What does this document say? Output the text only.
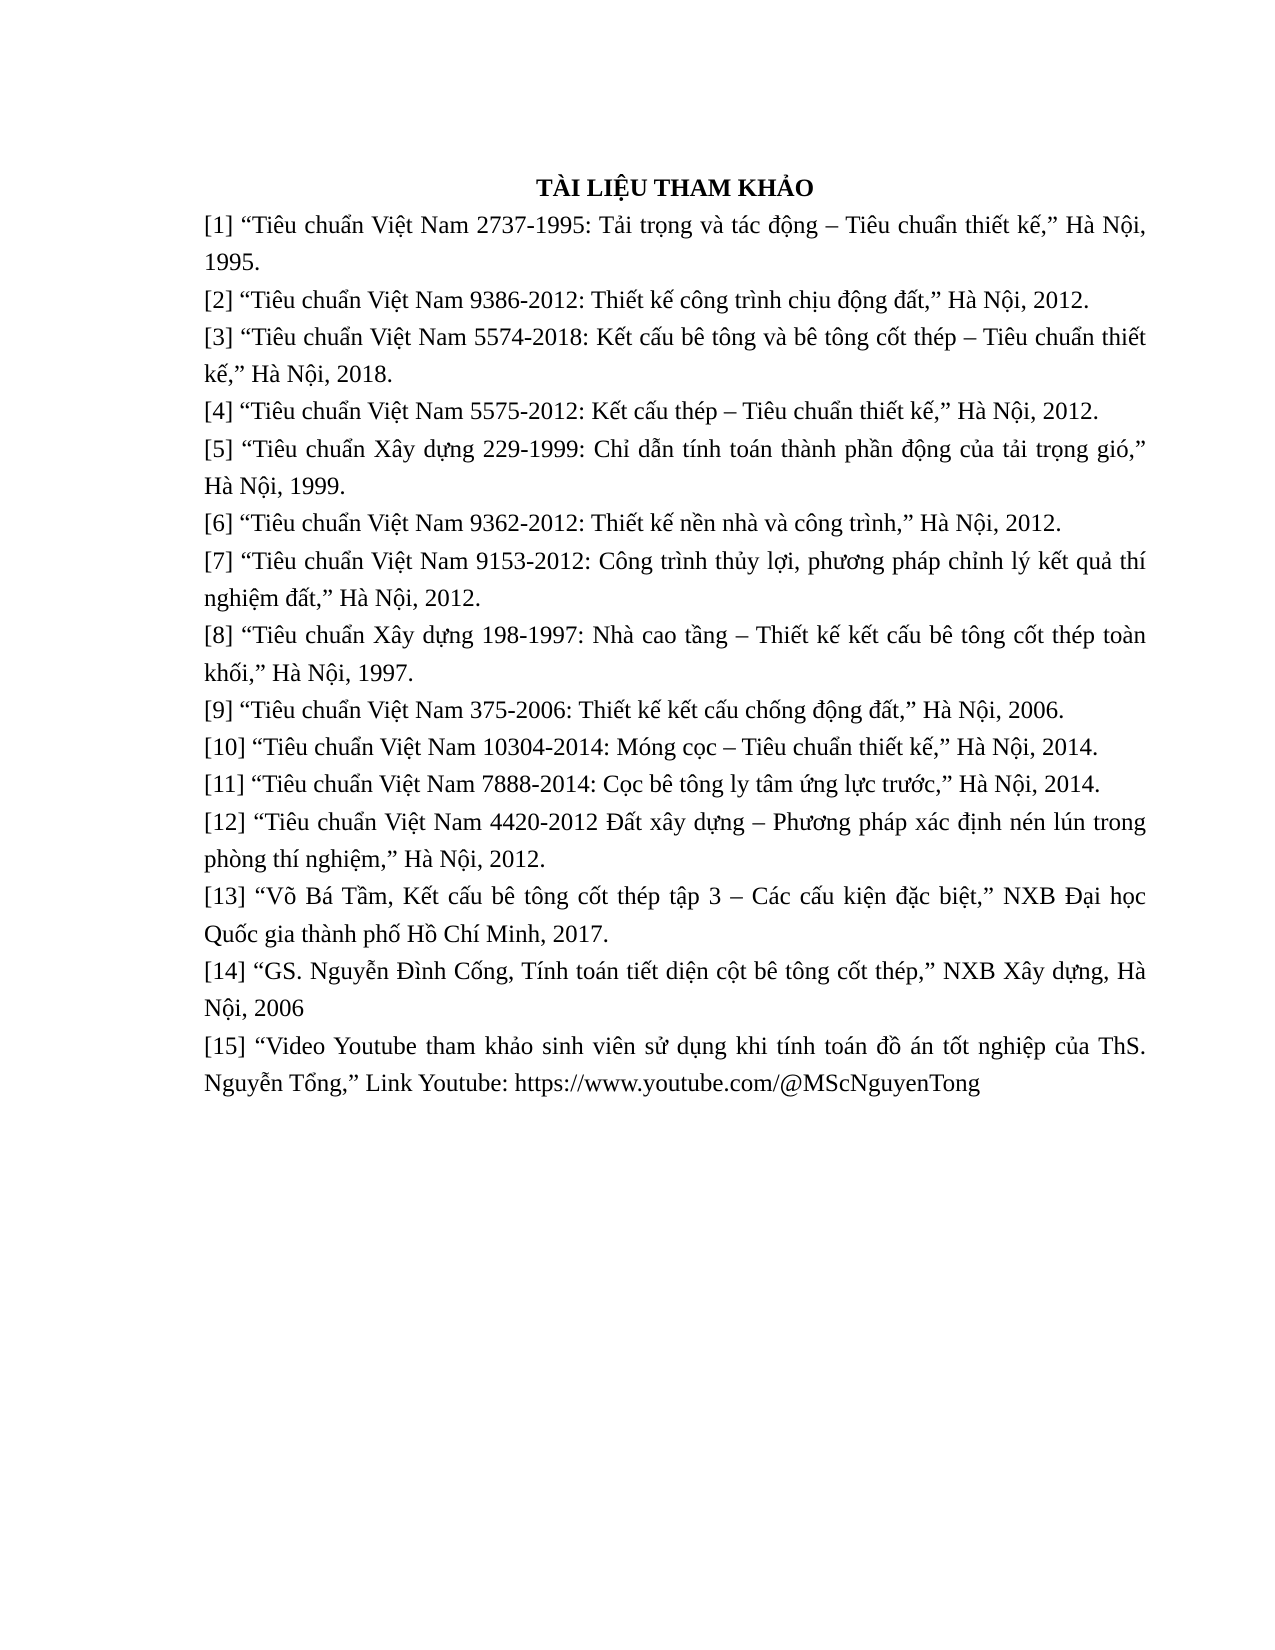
TÀI LIỆU THAM KHẢO
[1] “Tiêu chuẩn Việt Nam 2737-1995: Tải trọng và tác động – Tiêu chuẩn thiết kế,” Hà Nội, 1995.
[2] “Tiêu chuẩn Việt Nam 9386-2012: Thiết kế công trình chịu động đất,” Hà Nội, 2012.
[3] “Tiêu chuẩn Việt Nam 5574-2018: Kết cấu bê tông và bê tông cốt thép – Tiêu chuẩn thiết kế,” Hà Nội, 2018.
[4] “Tiêu chuẩn Việt Nam 5575-2012: Kết cấu thép – Tiêu chuẩn thiết kế,” Hà Nội, 2012.
[5] “Tiêu chuẩn Xây dựng 229-1999: Chỉ dẫn tính toán thành phần động của tải trọng gió,” Hà Nội, 1999.
[6] “Tiêu chuẩn Việt Nam 9362-2012: Thiết kế nền nhà và công trình,” Hà Nội, 2012.
[7] “Tiêu chuẩn Việt Nam 9153-2012: Công trình thủy lợi, phương pháp chỉnh lý kết quả thí nghiệm đất,” Hà Nội, 2012.
[8] “Tiêu chuẩn Xây dựng 198-1997: Nhà cao tầng – Thiết kế kết cấu bê tông cốt thép toàn khối,” Hà Nội, 1997.
[9] “Tiêu chuẩn Việt Nam 375-2006: Thiết kế kết cấu chống động đất,” Hà Nội, 2006.
[10] “Tiêu chuẩn Việt Nam 10304-2014: Móng cọc – Tiêu chuẩn thiết kế,” Hà Nội, 2014.
[11] “Tiêu chuẩn Việt Nam 7888-2014: Cọc bê tông ly tâm ứng lực trước,” Hà Nội, 2014.
[12] “Tiêu chuẩn Việt Nam 4420-2012 Đất xây dựng – Phương pháp xác định nén lún trong phòng thí nghiệm,” Hà Nội, 2012.
[13] “Võ Bá Tầm, Kết cấu bê tông cốt thép tập 3 – Các cấu kiện đặc biệt,” NXB Đại học Quốc gia thành phố Hồ Chí Minh, 2017.
[14] “GS. Nguyễn Đình Cống, Tính toán tiết diện cột bê tông cốt thép,” NXB Xây dựng, Hà Nội, 2006
[15] “Video Youtube tham khảo sinh viên sử dụng khi tính toán đồ án tốt nghiệp của ThS. Nguyễn Tổng,” Link Youtube: https://www.youtube.com/@MScNguyenTong
